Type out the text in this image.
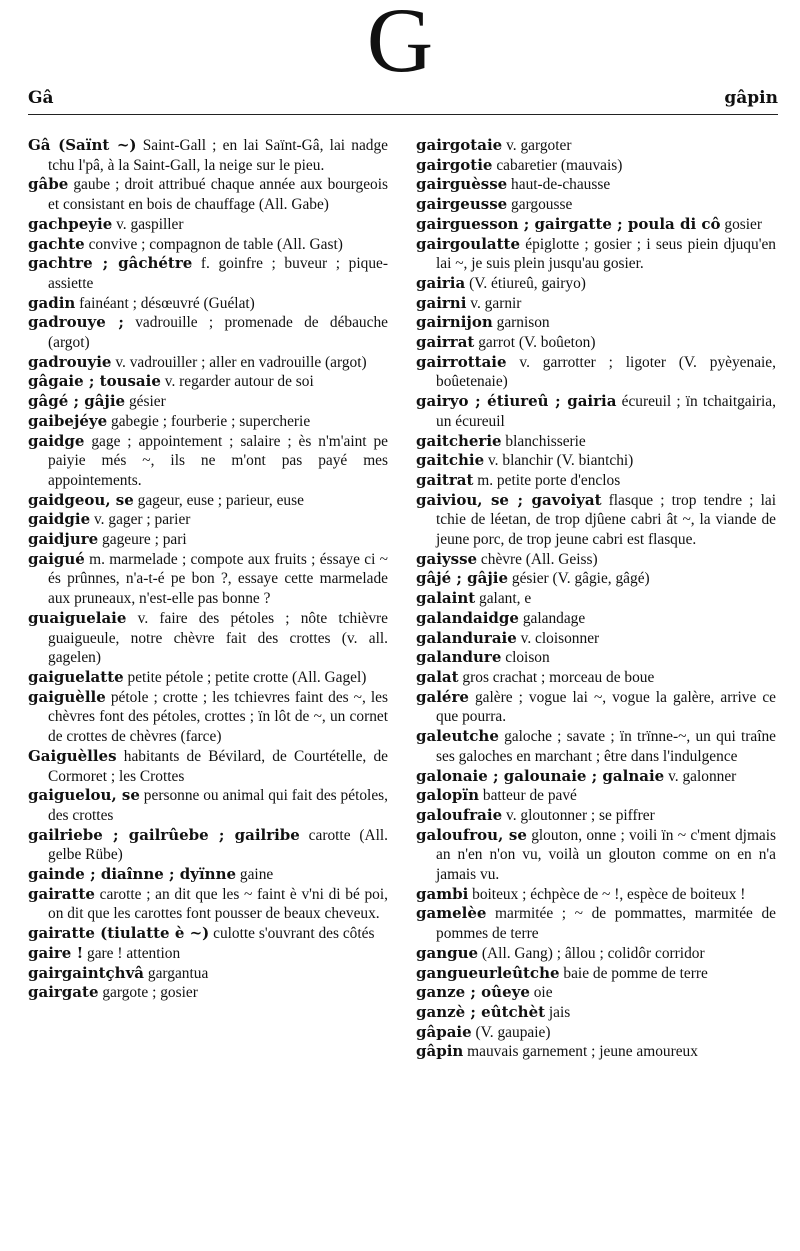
G
Gâ	gâpin

Gâ (Saïnt ~) Saint-Gall ; en lai Saïnt-Gâ, lai nadge tchu l'pâ, à la Saint-Gall, la neige sur le pieu.

gâbe gaube ; droit attribué chaque année aux bourgeois et consistant en bois de chauffage (All. Gabe)

gachpeyie v. gaspiller

gachte convive ; compagnon de table (All. Gast)

gachtre ; gâchétre f. goinfre ; buveur ; pique-assiette

gadin fainéant ; désœuvré (Guélat)

gadrouye ; vadrouille ; promenade de débauche (argot)

gadrouyie v. vadrouiller ; aller en vadrouille (argot)

gâgaie ; tousaie v. regarder autour de soi

gâgé ; gâjie gésier

gaibejéye gabegie ; fourberie ; supercherie

gaidge gage ; appointement ; salaire ; ès n'm'aint pe paiyie més ~, ils ne m'ont pas payé mes appointements.

gaidgeou, se gageur, euse ; parieur, euse

gaidgie v. gager ; parier

gaidjure gageure ; pari

gaigué m. marmelade ; compote aux fruits ; éssaye ci ~ és prûnnes, n'a-t-é pe bon ?, essaye cette marmelade aux pruneaux, n'est-elle pas bonne ?

guaiguelaie v. faire des pétoles ; nôte tchièvre guaigueule, notre chèvre fait des crottes (v. all. gagelen)

gaiguelatte petite pétole ; petite crotte (All. Gagel)

gaiguèlle pétole ; crotte ; les tchievres faint des ~, les chèvres font des pétoles, crottes ; ïn lôt de ~, un cornet de crottes de chèvres (farce)

Gaiguèlles habitants de Bévilard, de Courtételle, de Cormoret ; les Crottes

gaiguelou, se personne ou animal qui fait des pétoles, des crottes

gailriebe ; gailrûebe ; gailribe carotte (All. gelbe Rübe)

gainde ; diaînne ; dyïnne gaine

gairatte carotte ; an dit que les ~ faint è v'ni di bé poi, on dit que les carottes font pousser de beaux cheveux.

gairatte (tiulatte è ~) culotte s'ouvrant des côtés

gaire ! gare ! attention

gairgaintçhvâ gargantua

gairgate gargote ; gosier

gairgotaie v. gargoter

gairgotie cabaretier (mauvais)

gairguèsse haut-de-chausse

gairgeusse gargousse

gairguesson ; gairgatte ; poula di cô gosier

gairgoulatte épiglotte ; gosier ; i seus piein djuqu'en lai ~, je suis plein jusqu'au gosier.

gairia (V. étiureû, gairyo)

gairni v. garnir

gairnijon garnison

gairrat garrot (V. boûeton)

gairrottaie v. garrotter ; ligoter (V. pyèyenaie, boûetenaie)

gairyo ; étiureû ; gairia écureuil ; ïn tchaitgairia, un écureuil

gaitcherie blanchisserie

gaitchie v. blanchir (V. biantchi)

gaitrat m. petite porte d'enclos

gaiviou, se ; gavoiyat flasque ; trop tendre ; lai tchie de léetan, de trop djûene cabri ât ~, la viande de jeune porc, de trop jeune cabri est flasque.

gaiysse chèvre (All. Geiss)

gâjé ; gâjie gésier (V. gâgie, gâgé)

galaint galant, e

galandaidge galandage

galanduraie v. cloisonner

galandure cloison

galat gros crachat ; morceau de boue

galére galère ; vogue lai ~, vogue la galère, arrive ce que pourra.

galeutche galoche ; savate ; ïn trïnne-~, un qui traîne ses galoches en marchant ; être dans l'indulgence

galonaie ; galounaie ; galnaie v. galonner

galopïn batteur de pavé

galoufraie v. gloutonner ; se piffrer

galoufrou, se glouton, onne ; voili ïn ~ c'ment djmais an n'en n'on vu, voilà un glouton comme on en n'a jamais vu.

gambi boiteux ; échpèce de ~ !, espèce de boiteux !

gamelèe marmitée ; ~ de pommattes, marmitée de pommes de terre

gangue (All. Gang) ; âllou ; colidôr corridor

gangueurleûtche baie de pomme de terre

ganze ; oûeye oie

ganzè ; eûtchèt jais

gâpaie (V. gaupaie)

gâpin mauvais garnement ; jeune amoureux
